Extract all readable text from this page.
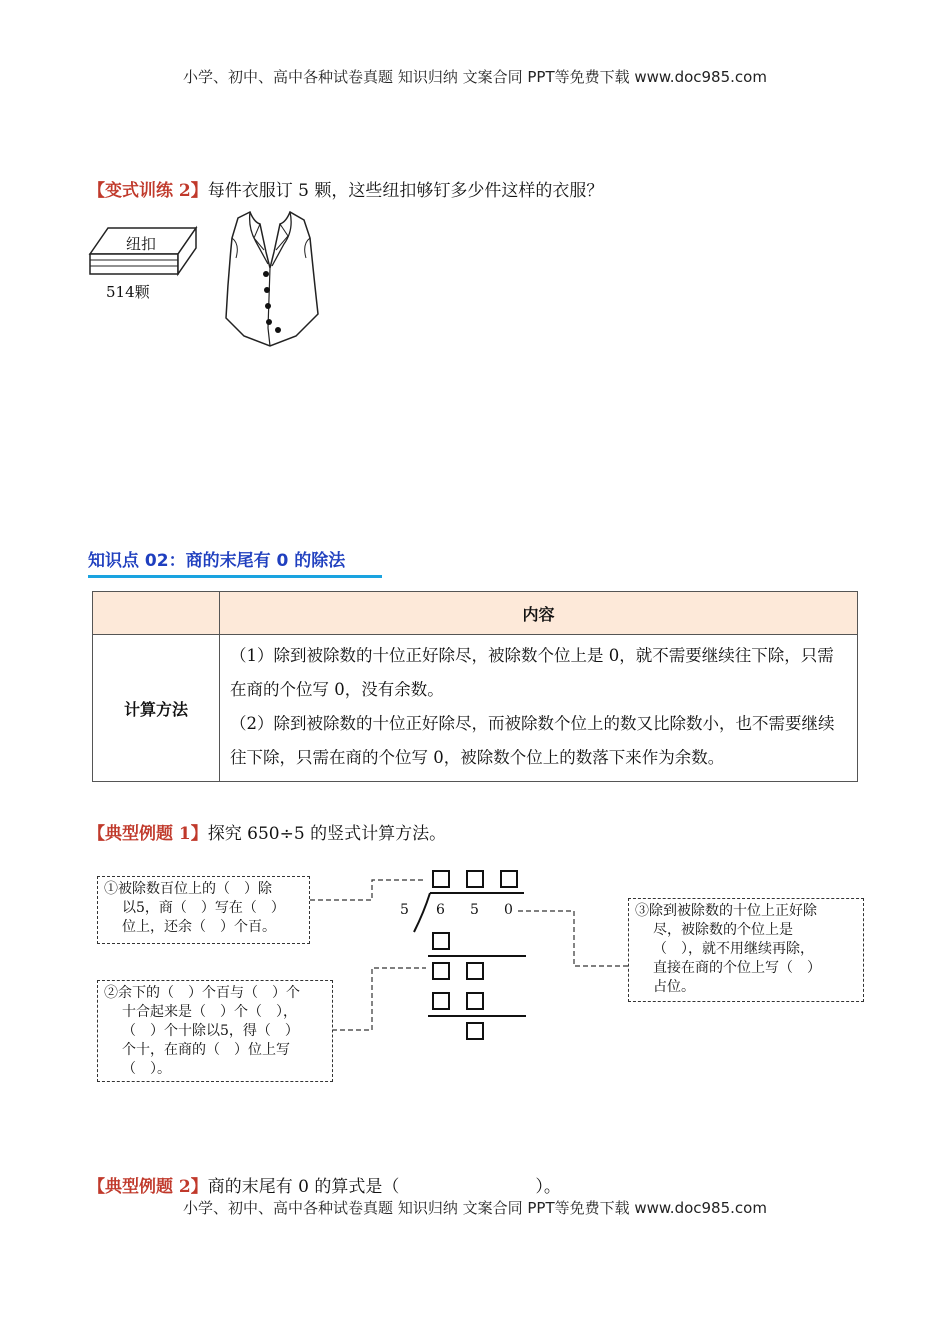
小学、初中、高中各种试卷真题 知识归纳 文案合同 PPT等免费下载 www.doc985.com
【变式训练 2】每件衣服订 5 颗，这些纽扣够钉多少件这样的衣服？
纽扣
514颗
知识点 02：商的末尾有 0 的除法
	内容
计算方法	（1）除到被除数的十位正好除尽，被除数个位上是 0，就不需要继续往下除，只需在商的个位写 0，没有余数。

（2）除到被除数的十位正好除尽，而被除数个位上的数又比除数小，也不需要继续往下除，只需在商的个位写 0，被除数个位上的数落下来作为余数。

【典型例题 1】探究 650÷5 的竖式计算方法。
5 6 5 0
①被除数百位上的（　）除
以5，商（　）写在（　）
位上，还余（　）个百。
②余下的（　）个百与（　）个
十合起来是（　）个（　），
（　）个十除以5，得（　）
个十，在商的（　）位上写
（　）。
③除到被除数的十位上正好除
尽，被除数的个位上是
（　），就不用继续再除，
直接在商的个位上写（　）
占位。
【典型例题 2】商的末尾有 0 的算式是（　　　　　　　　）。
小学、初中、高中各种试卷真题 知识归纳 文案合同 PPT等免费下载 www.doc985.com
